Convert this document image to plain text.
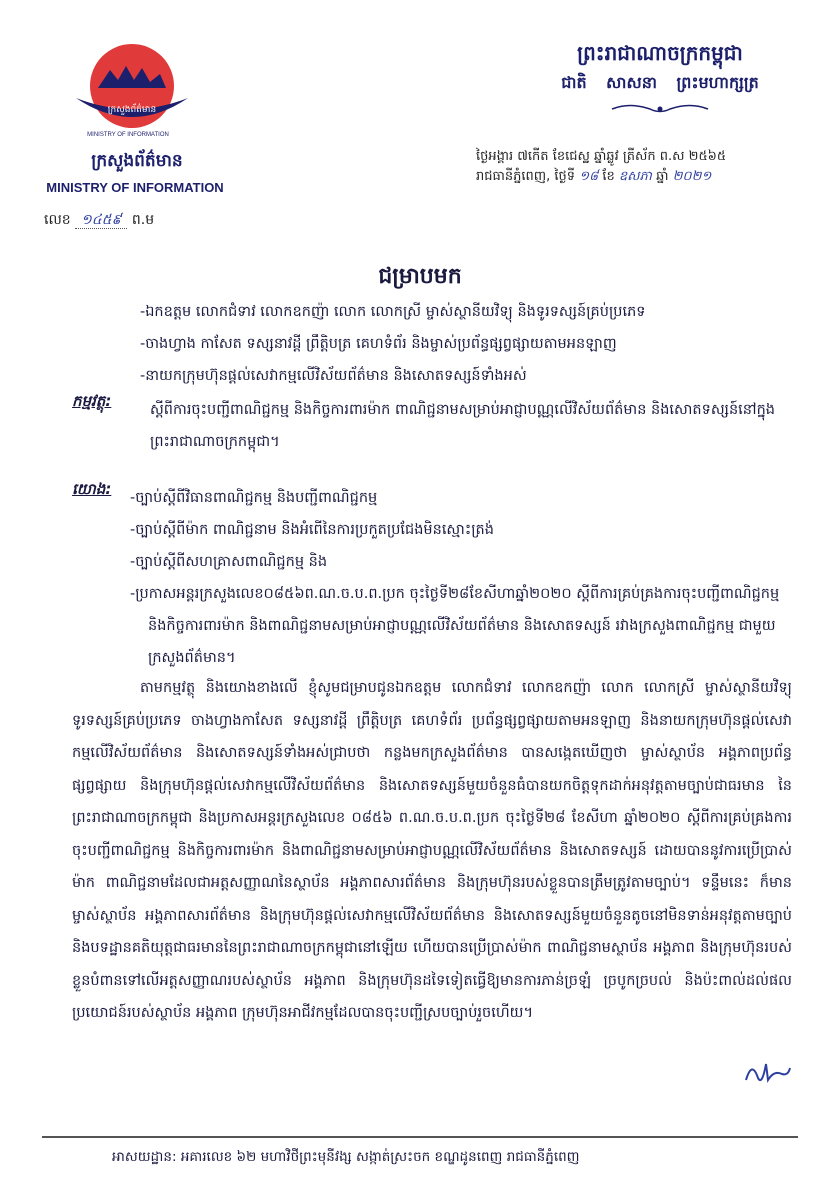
ក្រសួងព័ត៌មាន
MINISTRY OF INFORMATION
ក្រសួងព័ត៌មាន
MINISTRY OF INFORMATION
លេខ ១៤៥៩ ព.ម
ព្រះរាជាណាចក្រកម្ពុជា
ជាតិ សាសនា ព្រះមហាក្សត្រ
ថ្ងៃអង្គារ ៧កើត ខែជេស្ឋ ឆ្នាំឆ្លូវ ត្រីស័ក ព.ស ២៥៦៥
រាជធានីភ្នំពេញ, ថ្ងៃទី ១៨ ខែ ឧសភា ឆ្នាំ ២០២១
ជម្រាបមក
-ឯកឧត្តម លោកជំទាវ លោកឧកញ៉ា លោក លោកស្រី ម្ចាស់ស្ថានីយវិទ្យុ និងទូរទស្សន៍គ្រប់ប្រភេទ
-ចាងហ្វាង កាសែត ទស្សនាវដ្តី ព្រឹត្តិបត្រ គេហទំព័រ និងម្ចាស់ប្រព័ន្ធផ្សព្វផ្សាយតាមអនឡាញ
-នាយកក្រុមហ៊ុនផ្តល់សេវាកម្មលើវិស័យព័ត៌មាន និងសោតទស្សន៍ទាំងអស់
កម្មវត្ថុ:	ស្តីពីការចុះបញ្ជីពាណិជ្ជកម្ម និងកិច្ចការពារម៉ាក ពាណិជ្ជនាមសម្រាប់អាជ្ញាបណ្ណលើវិស័យព័ត៌មាន និងសោតទស្សន៍នៅក្នុងព្រះរាជាណាចក្រកម្ពុជា។
យោង: -ច្បាប់ស្តីពីវិធានពាណិជ្ជកម្ម និងបញ្ជីពាណិជ្ជកម្ម
-ច្បាប់ស្តីពីម៉ាក ពាណិជ្ជនាម និងអំពើនៃការប្រកួតប្រជែងមិនស្មោះត្រង់
-ច្បាប់ស្តីពីសហគ្រាសពាណិជ្ជកម្ម និង
-ប្រកាសអន្តរក្រសួងលេខ០៨៥៦ព.ណ.ច.ប.ព.ប្រក ចុះថ្ងៃទី២៨ខែសីហាឆ្នាំ២០២០ ស្តីពីការគ្រប់គ្រងការចុះបញ្ជីពាណិជ្ជកម្ម និងកិច្ចការពារម៉ាក និងពាណិជ្ជនាមសម្រាប់អាជ្ញាបណ្ណលើវិស័យព័ត៌មាន និងសោតទស្សន៍ រវាងក្រសួងពាណិជ្ជកម្ម ជាមួយក្រសួងព័ត៌មាន។
តាមកម្មវត្ថុ និងយោងខាងលើ ខ្ញុំសូមជម្រាបជូនឯកឧត្តម លោកជំទាវ លោកឧកញ៉ា លោក លោកស្រី ម្ចាស់ស្ថានីយវិទ្យុ ទូរទស្សន៍គ្រប់ប្រភេទ ចាងហ្វាងកាសែត ទស្សនាវដ្តី ព្រឹត្តិបត្រ គេហទំព័រ ប្រព័ន្ធផ្សព្វផ្សាយតាមអនឡាញ និងនាយកក្រុមហ៊ុនផ្តល់សេវាកម្មលើវិស័យព័ត៌មាន និងសោតទស្សន៍ទាំងអស់ជ្រាបថា កន្លងមកក្រសួងព័ត៌មាន បានសង្កេតឃើញថា ម្ចាស់ស្ថាប័ន អង្គភាពប្រព័ន្ធផ្សព្វផ្សាយ និងក្រុមហ៊ុនផ្តល់សេវាកម្មលើវិស័យព័ត៌មាន និងសោតទស្សន៍មួយចំនួនធំបានយកចិត្តទុកដាក់អនុវត្តតាមច្បាប់ជាធរមាន នៃព្រះរាជាណាចក្រកម្ពុជា និងប្រកាសអន្តរក្រសួងលេខ ០៨៥៦ ព.ណ.ច.ប.ព.ប្រក ចុះថ្ងៃទី២៨ ខែសីហា ឆ្នាំ២០២០ ស្តីពីការគ្រប់គ្រងការចុះបញ្ជីពាណិជ្ជកម្ម និងកិច្ចការពារម៉ាក និងពាណិជ្ជនាមសម្រាប់អាជ្ញាបណ្ណលើវិស័យព័ត៌មាន និងសោតទស្សន៍ ដោយបាននូវការប្រើប្រាស់ម៉ាក ពាណិជ្ជនាមដែលជាអត្តសញ្ញាណនៃស្ថាប័ន អង្គភាពសារព័ត៌មាន និងក្រុមហ៊ុនរបស់ខ្លួនបានត្រឹមត្រូវតាមច្បាប់។ ទន្ទឹមនេះ ក៏មានម្ចាស់ស្ថាប័ន អង្គភាពសារព័ត៌មាន និងក្រុមហ៊ុនផ្តល់សេវាកម្មលើវិស័យព័ត៌មាន និងសោតទស្សន៍មួយចំនួនតូចនៅមិនទាន់អនុវត្តតាមច្បាប់ និងបទដ្ឋានគតិយុត្តជាធរមាននៃព្រះរាជាណាចក្រកម្ពុជានៅឡើយ ហើយបានប្រើប្រាស់ម៉ាក ពាណិជ្ជនាមស្ថាប័ន អង្គភាព និងក្រុមហ៊ុនរបស់ខ្លួនបំពានទៅលើអត្តសញ្ញាណរបស់ស្ថាប័ន អង្គភាព និងក្រុមហ៊ុនដទៃទៀតធ្វើឱ្យមានការភាន់ច្រឡំ ច្របូកច្របល់ និងប៉ះពាល់ដល់ផលប្រយោជន៍របស់ស្ថាប័ន អង្គភាព ក្រុមហ៊ុនអាជីវកម្មដែលបានចុះបញ្ជីស្របច្បាប់រួចហើយ។
អាសយដ្ឋាន: អគារលេខ ៦២ មហាវិថីព្រះមុនីវង្ស សង្កាត់ស្រះចក ខណ្ឌដូនពេញ រាជធានីភ្នំពេញ
